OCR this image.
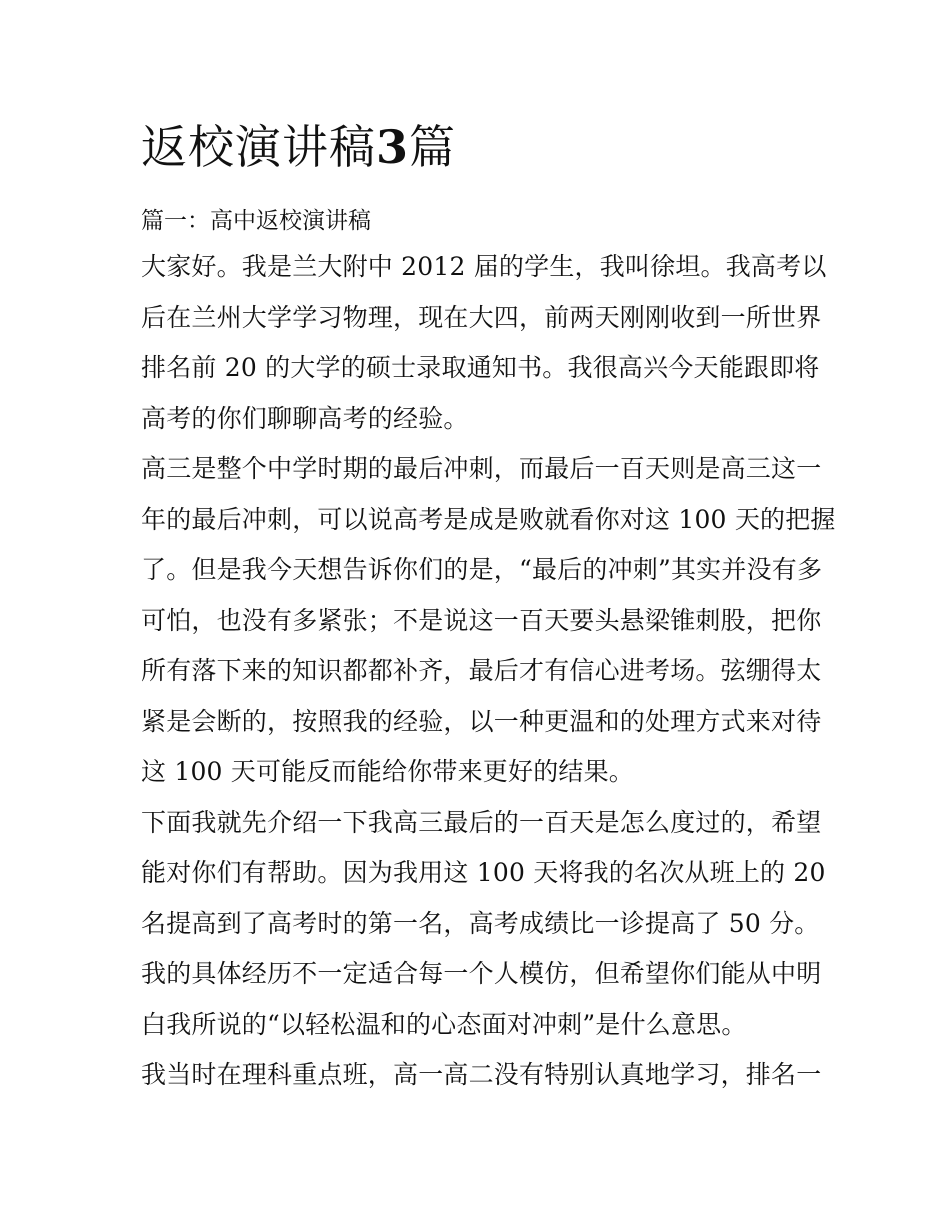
返校演讲稿3篇
篇一：高中返校演讲稿
大家好。我是兰大附中 2012 届的学生，我叫徐坦。我高考以
后在兰州大学学习物理，现在大四，前两天刚刚收到一所世界
排名前 20 的大学的硕士录取通知书。我很高兴今天能跟即将
高考的你们聊聊高考的经验。
高三是整个中学时期的最后冲刺，而最后一百天则是高三这一
年的最后冲刺，可以说高考是成是败就看你对这 100 天的把握
了。但是我今天想告诉你们的是，“最后的冲刺”其实并没有多
可怕，也没有多紧张；不是说这一百天要头悬梁锥刺股，把你
所有落下来的知识都都补齐，最后才有信心进考场。弦绷得太
紧是会断的，按照我的经验，以一种更温和的处理方式来对待
这 100 天可能反而能给你带来更好的结果。
下面我就先介绍一下我高三最后的一百天是怎么度过的，希望
能对你们有帮助。因为我用这 100 天将我的名次从班上的 20
名提高到了高考时的第一名，高考成绩比一诊提高了 50 分。
我的具体经历不一定适合每一个人模仿，但希望你们能从中明
白我所说的“以轻松温和的心态面对冲刺”是什么意思。
我当时在理科重点班，高一高二没有特别认真地学习，排名一
